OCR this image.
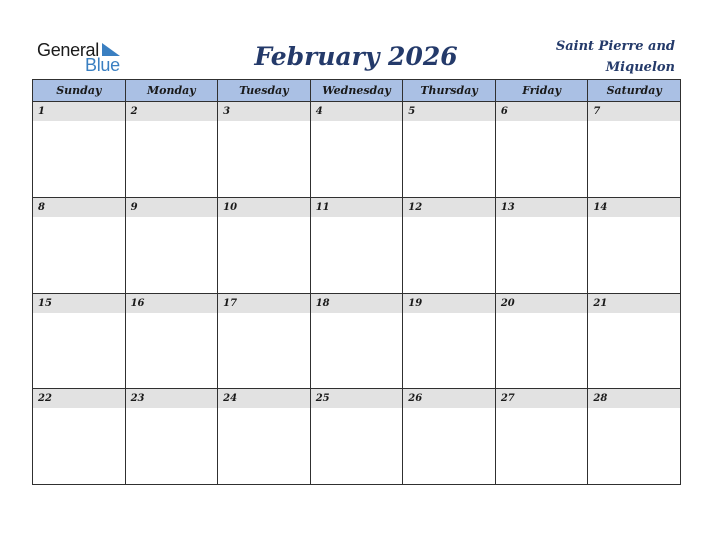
General
Blue	February 2026	Saint Pierre and Miquelon
Sunday	Monday	Tuesday	Wednesday	Thursday	Friday	Saturday

1	2	3	4	5	6	7

8	9	10	11	12	13	14

15	16	17	18	19	20	21

22	23	24	25	26	27	28
